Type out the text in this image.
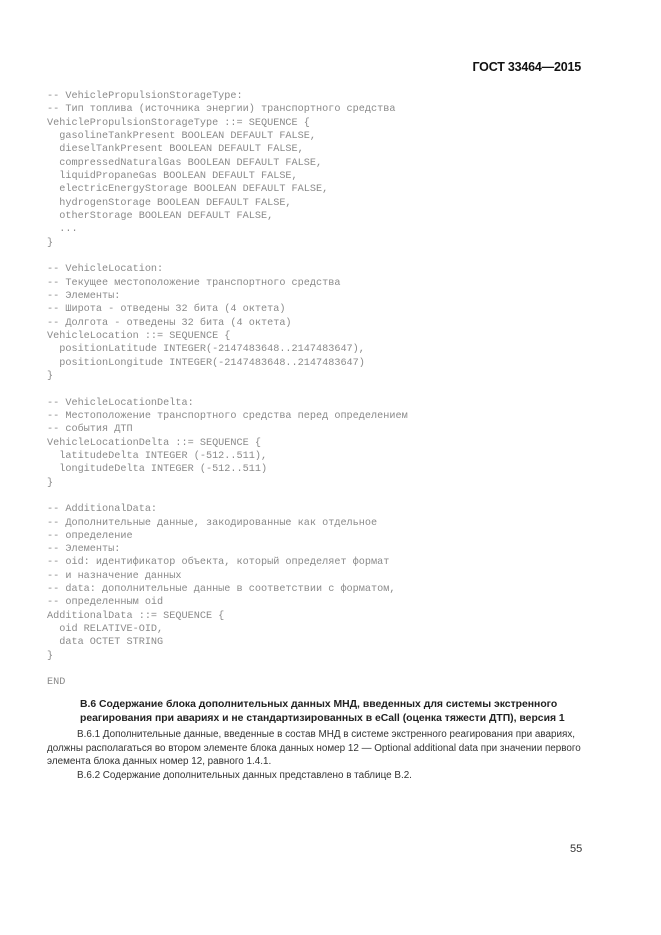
ГОСТ 33464—2015
-- VehiclePropulsionStorageType:
-- Тип топлива (источника энергии) транспортного средства
VehiclePropulsionStorageType ::= SEQUENCE {
gasolineTankPresent BOOLEAN DEFAULT FALSE,
dieselTankPresent BOOLEAN DEFAULT FALSE,
compressedNaturalGas BOOLEAN DEFAULT FALSE,
liquidPropaneGas BOOLEAN DEFAULT FALSE,
electricEnergyStorage BOOLEAN DEFAULT FALSE,
hydrogenStorage BOOLEAN DEFAULT FALSE,
otherStorage BOOLEAN DEFAULT FALSE,
...
}
-- VehicleLocation:
-- Текущее местоположение транспортного средства
-- Элементы:
-- Широта - отведены 32 бита (4 октета)
-- Долгота - отведены 32 бита (4 октета)
VehicleLocation ::= SEQUENCE {
positionLatitude INTEGER(-2147483648..2147483647),
positionLongitude INTEGER(-2147483648..2147483647)
}
-- VehicleLocationDelta:
-- Местоположение транспортного средства перед определением
-- события ДТП
VehicleLocationDelta ::= SEQUENCE {
latitudeDelta INTEGER (-512..511),
longitudeDelta INTEGER (-512..511)
}
-- AdditionalData:
-- Дополнительные данные, закодированные как отдельное
-- определение
-- Элементы:
-- oid: идентификатор объекта, который определяет формат
-- и назначение данных
-- data: дополнительные данные в соответствии с форматом,
-- определенным oid
AdditionalData ::= SEQUENCE {
oid RELATIVE-OID,
data OCTET STRING
}
END
В.6 Содержание блока дополнительных данных МНД, введенных для системы экстренного реагирования при авариях и не стандартизированных в eCall (оценка тяжести ДТП), версия 1

В.6.1 Дополнительные данные, введенные в состав МНД в системе экстренного реагирования при авариях, должны располагаться во втором элементе блока данных номер 12 — Optional additional data при значении первого элемента блока данных номер 12, равного 1.4.1.

В.6.2 Содержание дополнительных данных представлено в таблице В.2.

55
